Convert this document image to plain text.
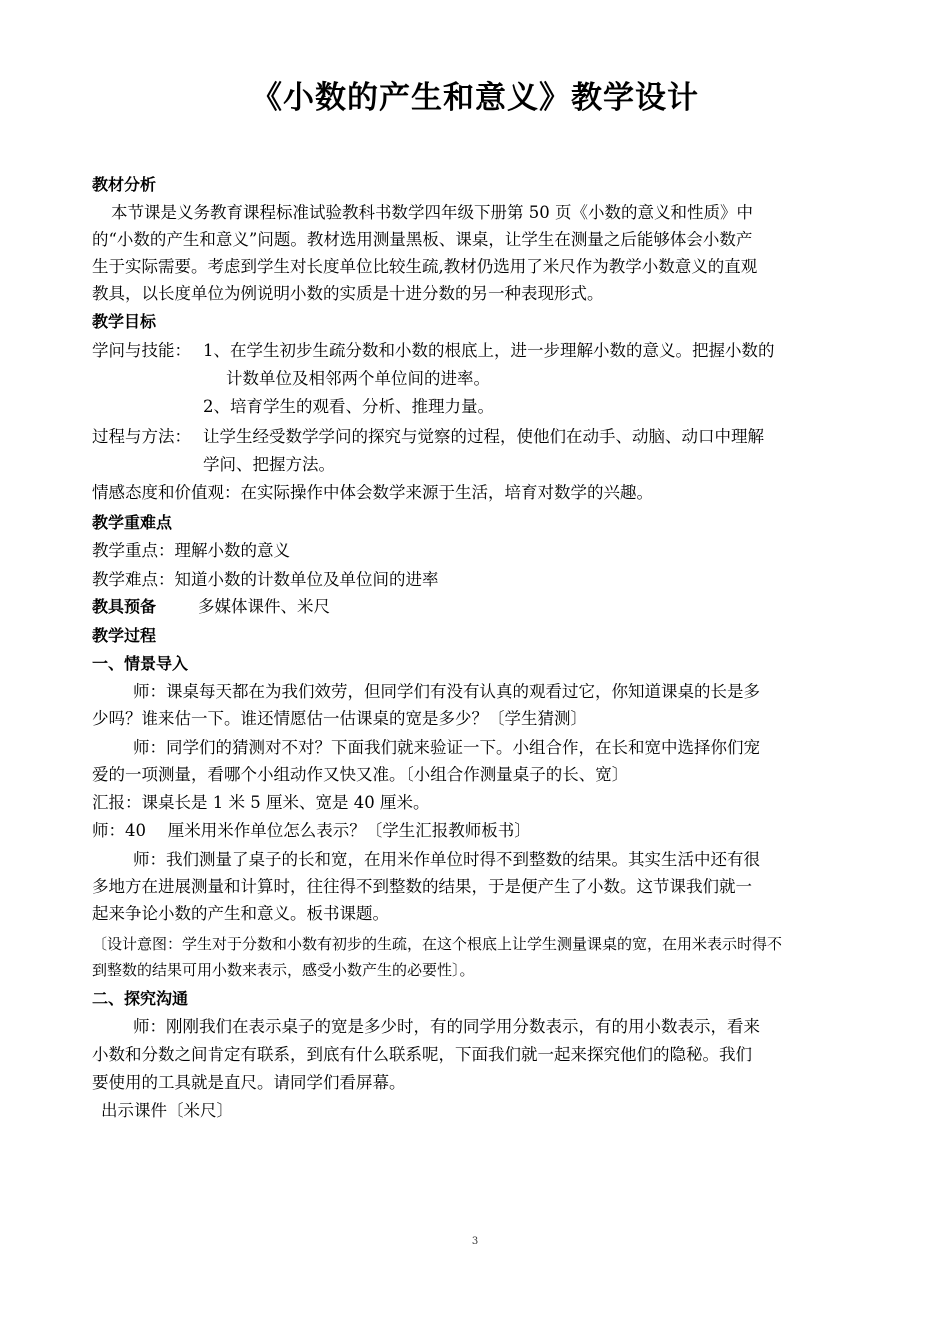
《小数的产生和意义》教学设计
教材分析
本节课是义务教育课程标准试验教科书数学四年级下册第 50 页《小数的意义和性质》中
的“小数的产生和意义”问题。教材选用测量黑板、课桌，让学生在测量之后能够体会小数产
生于实际需要。考虑到学生对长度单位比较生疏,教材仍选用了米尺作为教学小数意义的直观
教具，以长度单位为例说明小数的实质是十进分数的另一种表现形式。
教学目标
学问与技能： 1、在学生初步生疏分数和小数的根底上，进一步理解小数的意义。把握小数的
计数单位及相邻两个单位间的进率。
2、培育学生的观看、分析、推理力量。
过程与方法： 让学生经受数学学问的探究与觉察的过程，使他们在动手、动脑、动口中理解
学问、把握方法。
情感态度和价值观：在实际操作中体会数学来源于生活，培育对数学的兴趣。
教学重难点
教学重点：理解小数的意义
教学难点：知道小数的计数单位及单位间的进率
教具预备	多媒体课件、米尺
教学过程
一、情景导入
师：课桌每天都在为我们效劳，但同学们有没有认真的观看过它，你知道课桌的长是多
少吗？谁来估一下。谁还情愿估一估课桌的宽是多少？〔学生猜测〕
师：同学们的猜测对不对？下面我们就来验证一下。小组合作，在长和宽中选择你们宠
爱的一项测量，看哪个小组动作又快又准。〔小组合作测量桌子的长、宽〕
汇报：课桌长是 1 米 5 厘米、宽是 40 厘米。
师：40　 厘米用米作单位怎么表示？〔学生汇报教师板书〕
师：我们测量了桌子的长和宽，在用米作单位时得不到整数的结果。其实生活中还有很
多地方在进展测量和计算时，往往得不到整数的结果，于是便产生了小数。这节课我们就一
起来争论小数的产生和意义。板书课题。
〔设计意图：学生对于分数和小数有初步的生疏，在这个根底上让学生测量课桌的宽，在用米表示时得不
到整数的结果可用小数来表示，感受小数产生的必要性〕。
二、探究沟通
师：刚刚我们在表示桌子的宽是多少时，有的同学用分数表示，有的用小数表示，看来
小数和分数之间肯定有联系，到底有什么联系呢，下面我们就一起来探究他们的隐秘。我们
要使用的工具就是直尺。请同学们看屏幕。
出示课件〔米尺〕
3
